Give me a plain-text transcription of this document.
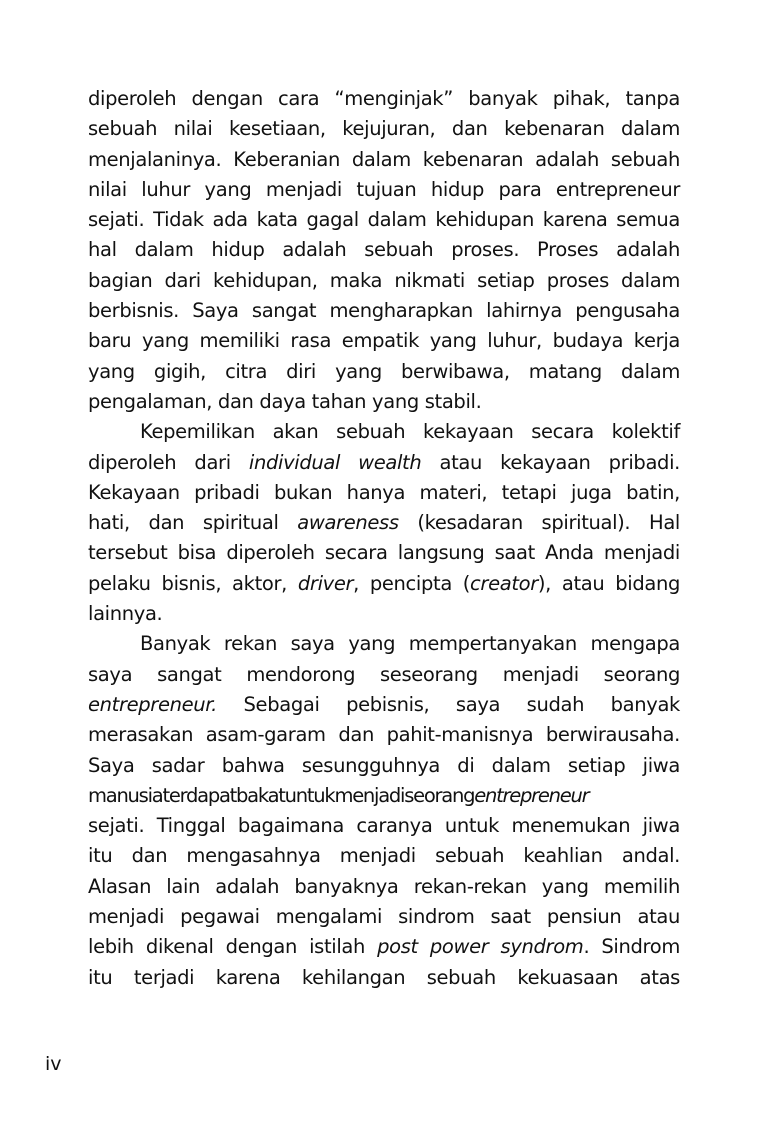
diperoleh dengan cara “menginjak” banyak pihak, tanpa
sebuah nilai kesetiaan, kejujuran, dan kebenaran dalam
menjalaninya. Keberanian dalam kebenaran adalah sebuah
nilai luhur yang menjadi tujuan hidup para entrepreneur
sejati. Tidak ada kata gagal dalam kehidupan karena semua
hal dalam hidup adalah sebuah proses. Proses adalah
bagian dari kehidupan, maka nikmati setiap proses dalam
berbisnis. Saya sangat mengharapkan lahirnya pengusaha
baru yang memiliki rasa empatik yang luhur, budaya kerja
yang gigih, citra diri yang berwibawa, matang dalam
pengalaman, dan daya tahan yang stabil.
Kepemilikan akan sebuah kekayaan secara kolektif
diperoleh dari individual wealth atau kekayaan pribadi.
Kekayaan pribadi bukan hanya materi, tetapi juga batin,
hati, dan spiritual awareness (kesadaran spiritual). Hal
tersebut bisa diperoleh secara langsung saat Anda menjadi
pelaku bisnis, aktor, driver, pencipta (creator), atau bidang
lainnya.
Banyak rekan saya yang mempertanyakan mengapa
saya sangat mendorong seseorang menjadi seorang
entrepreneur. Sebagai pebisnis, saya sudah banyak
merasakan asam-garam dan pahit-manisnya berwirausaha.
Saya sadar bahwa sesungguhnya di dalam setiap jiwa
manusiaterdapatbakatuntukmenjadiseorangentrepreneur
sejati. Tinggal bagaimana caranya untuk menemukan jiwa
itu dan mengasahnya menjadi sebuah keahlian andal.
Alasan lain adalah banyaknya rekan-rekan yang memilih
menjadi pegawai mengalami sindrom saat pensiun atau
lebih dikenal dengan istilah post power syndrom. Sindrom
itu terjadi karena kehilangan sebuah kekuasaan atas
iv
